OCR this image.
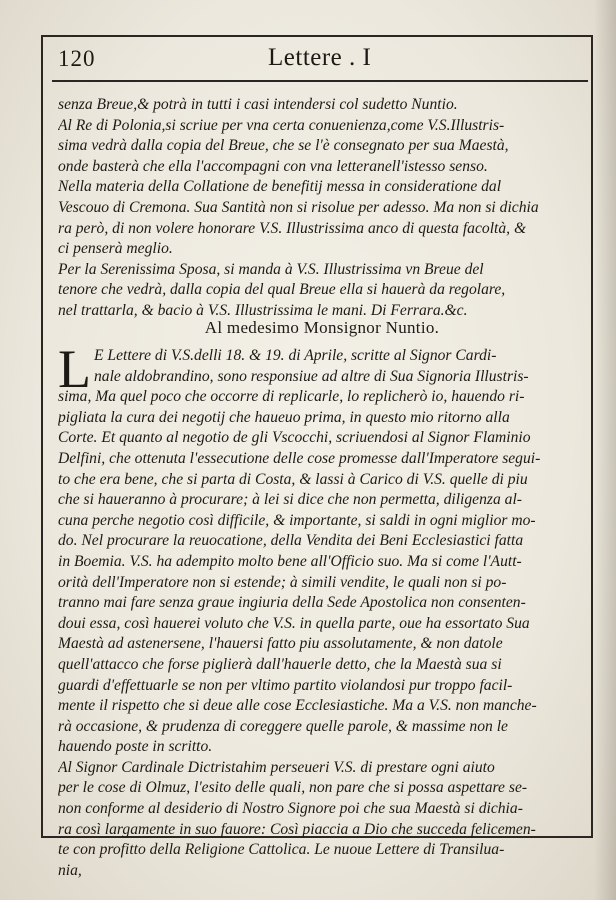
120	Lettere . I
senza Breue,& potrà in tutti i casi intendersi col sudetto Nuntio.
Al Re di Polonia,si scriue per vna certa conuenienza,come V.S.Illustris-
sima vedrà dalla copia del Breue, che se l'è consegnato per sua Maestà,
onde basterà che ella l'accompagni con vna letteranell'istesso senso.
Nella materia della Collatione de benefitij messa in consideratione dal
Vescouo di Cremona. Sua Santità non si risolue per adesso. Ma non si dichia
ra però, di non volere honorare V.S. Illustrissima anco di questa facoltà, &
ci penserà meglio.
Per la Serenissima Sposa, si manda à V.S. Illustrissima vn Breue del
tenore che vedrà, dalla copia del qual Breue ella si hauerà da regolare,
nel trattarla, & bacio à V.S. Illustrissima le mani. Di Ferrara.&c.
Al medesimo Monsignor Nuntio.
L E Lettere di V.S.delli 18. & 19. di Aprile, scritte al Signor Cardi-
nale aldobrandino, sono responsiue ad altre di Sua Signoria Illustris-
sima, Ma quel poco che occorre di replicarle, lo replicherò io, hauendo ri-
pigliata la cura dei negotij che haueuo prima, in questo mio ritorno alla
Corte. Et quanto al negotio de gli Vscocchi, scriuendosi al Signor Flaminio
Delfini, che ottenuta l'essecutione delle cose promesse dall'Imperatore segui-
to che era bene, che si parta di Costa, & lassi à Carico di V.S. quelle di piu
che si haueranno à procurare; à lei si dice che non permetta, diligenza al-
cuna perche negotio così difficile, & importante, si saldi in ogni miglior mo-
do. Nel procurare la reuocatione, della Vendita dei Beni Ecclesiastici fatta
in Boemia. V.S. ha adempito molto bene all'Officio suo. Ma si come l'Autt-
orità dell'Imperatore non si estende; à simili vendite, le quali non si po-
tranno mai fare senza graue ingiuria della Sede Apostolica non consenten-
doui essa, così hauerei voluto che V.S. in quella parte, oue ha essortato Sua
Maestà ad astenersene, l'hauersi fatto piu assolutamente, & non datole
quell'attacco che forse piglierà dall'hauerle detto, che la Maestà sua si
guardi d'effettuarle se non per vltimo partito violandosi pur troppo facil-
mente il rispetto che si deue alle cose Ecclesiastiche. Ma a V.S. non manche-
rà occasione, & prudenza di coreggere quelle parole, & massime non le
hauendo poste in scritto.
Al Signor Cardinale Dictristahim perseueri V.S. di prestare ogni aiuto
per le cose di Olmuz, l'esito delle quali, non pare che si possa aspettare se-
non conforme al desiderio di Nostro Signore poi che sua Maestà si dichia-
ra così largamente in suo fauore: Così piaccia a Dio che succeda felicemen-
te con profitto della Religione Cattolica. Le nuoue Lettere di Transilua-
nia,
